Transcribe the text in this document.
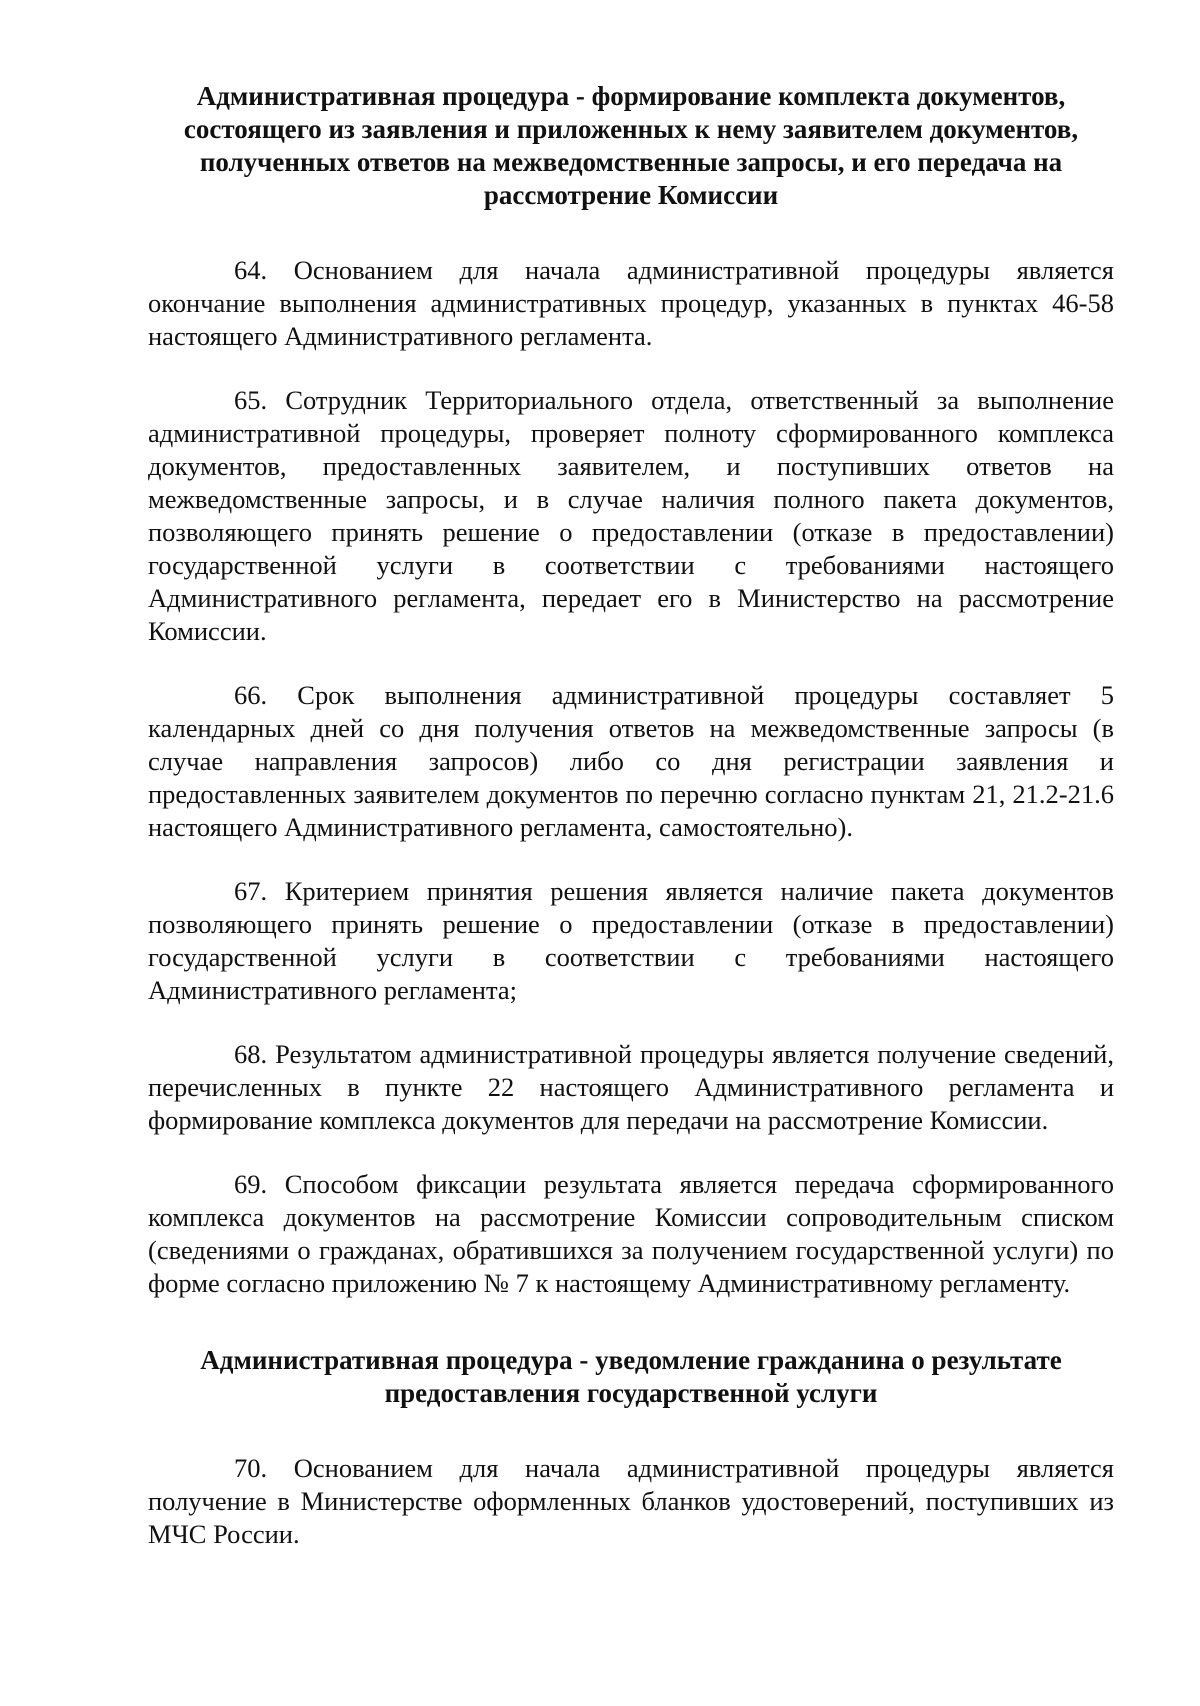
Административная процедура - формирование комплекта документов, состоящего из заявления и приложенных к нему заявителем документов, полученных ответов на межведомственные запросы, и его передача на рассмотрение Комиссии

64. Основанием для начала административной процедуры является окончание выполнения административных процедур, указанных в пунктах 46-58 настоящего Административного регламента.

65. Сотрудник Территориального отдела, ответственный за выполнение административной процедуры, проверяет полноту сформированного комплекса документов, предоставленных заявителем, и поступивших ответов на межведомственные запросы, и в случае наличия полного пакета документов, позволяющего принять решение о предоставлении (отказе в предоставлении) государственной услуги в соответствии с требованиями настоящего Административного регламента, передает его в Министерство на рассмотрение Комиссии.

66. Срок выполнения административной процедуры составляет 5 календарных дней со дня получения ответов на межведомственные запросы (в случае направления запросов) либо со дня регистрации заявления и предоставленных заявителем документов по перечню согласно пунктам 21, 21.2-21.6 настоящего Административного регламента, самостоятельно).

67. Критерием принятия решения является наличие пакета документов позволяющего принять решение о предоставлении (отказе в предоставлении) государственной услуги в соответствии с требованиями настоящего Административного регламента;

68. Результатом административной процедуры является получение сведений, перечисленных в пункте 22 настоящего Административного регламента и формирование комплекса документов для передачи на рассмотрение Комиссии.

69. Способом фиксации результата является передача сформированного комплекса документов на рассмотрение Комиссии сопроводительным списком (сведениями о гражданах, обратившихся за получением государственной услуги) по форме согласно приложению № 7 к настоящему Административному регламенту.

Административная процедура - уведомление гражданина о результате предоставления государственной услуги

70. Основанием для начала административной процедуры является получение в Министерстве оформленных бланков удостоверений, поступивших из МЧС России.
